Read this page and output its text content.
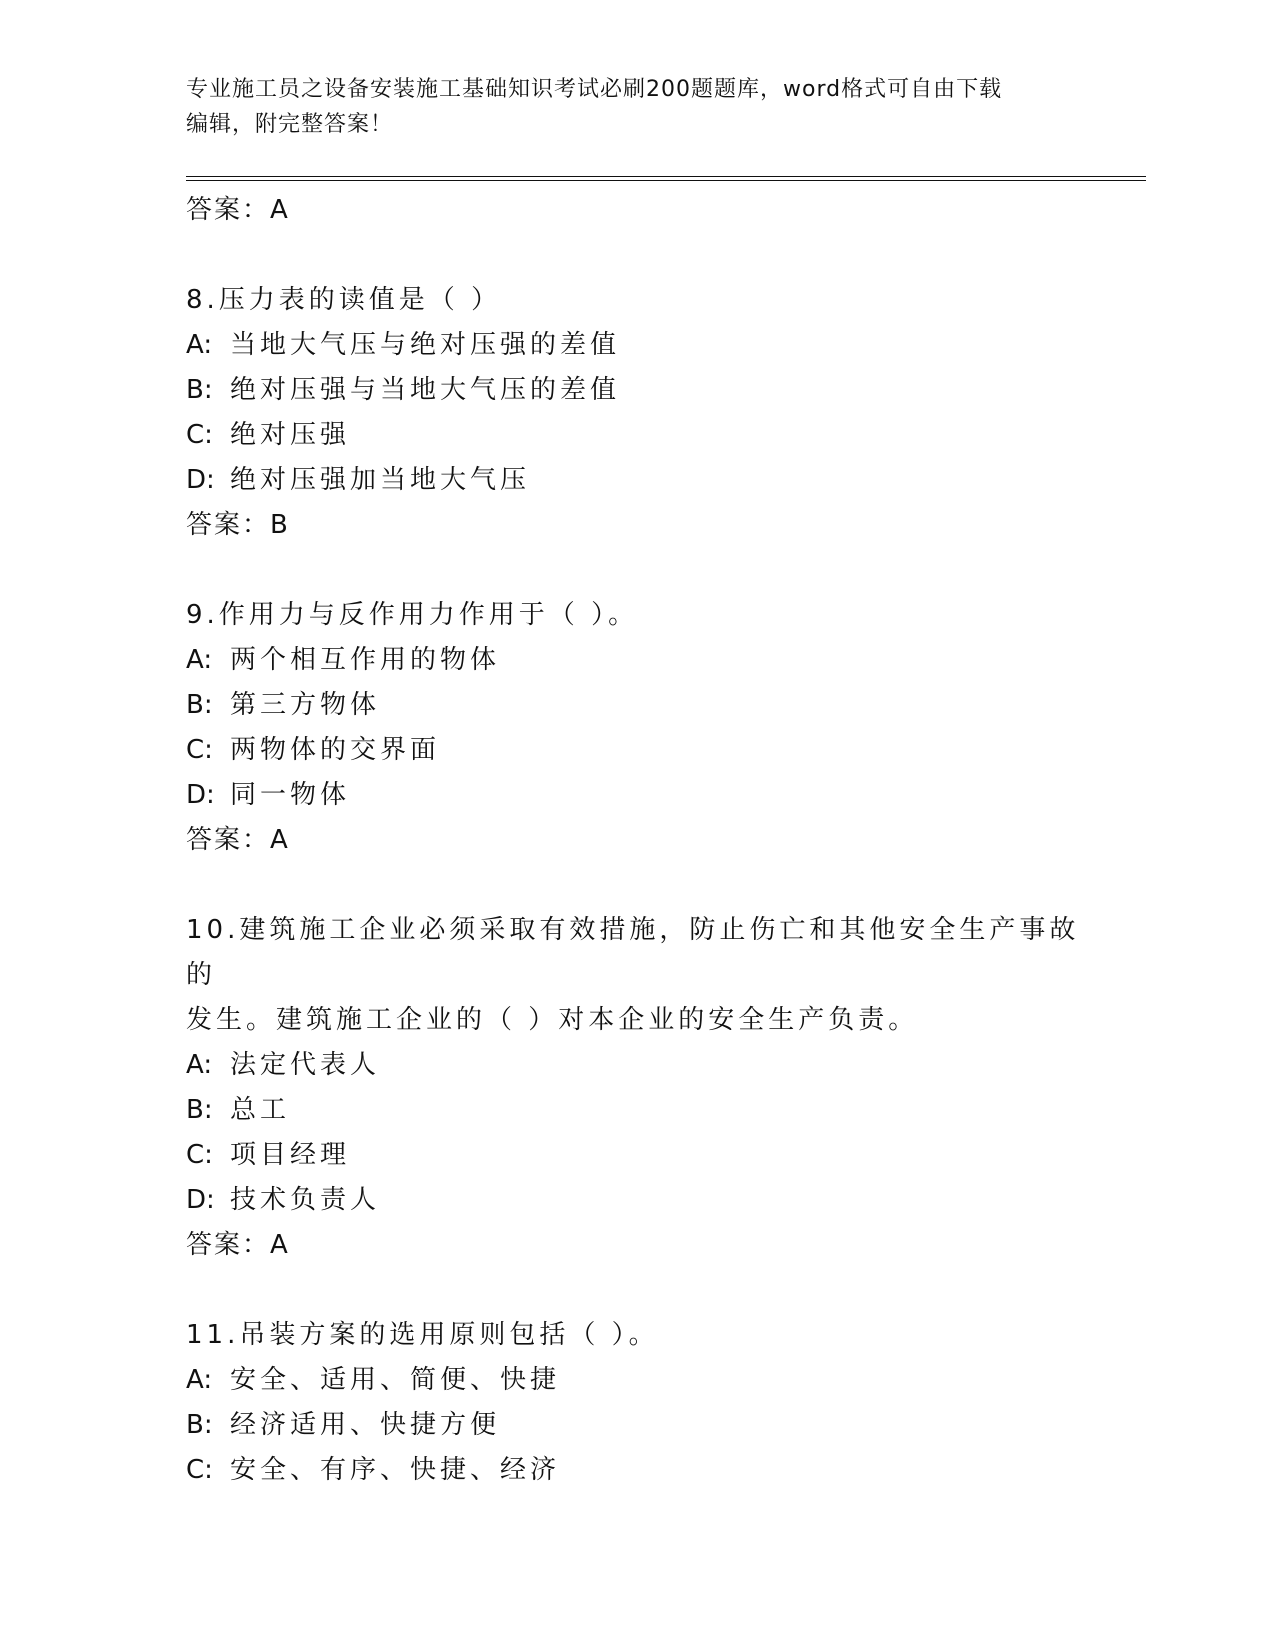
专业施工员之设备安装施工基础知识考试必刷200题题库，word格式可自由下载
编辑，附完整答案！
答案：A
8.压力表的读值是（ ）
A: 当地大气压与绝对压强的差值
B: 绝对压强与当地大气压的差值
C: 绝对压强
D: 绝对压强加当地大气压
答案：B
9.作用力与反作用力作用于（ ）。
A: 两个相互作用的物体
B: 第三方物体
C: 两物体的交界面
D: 同一物体
答案：A
10.建筑施工企业必须采取有效措施，防止伤亡和其他安全生产事故的
发生。建筑施工企业的（ ）对本企业的安全生产负责。
A: 法定代表人
B: 总工
C: 项目经理
D: 技术负责人
答案：A
11.吊装方案的选用原则包括（ ）。
A: 安全、适用、简便、快捷
B: 经济适用、快捷方便
C: 安全、有序、快捷、经济
